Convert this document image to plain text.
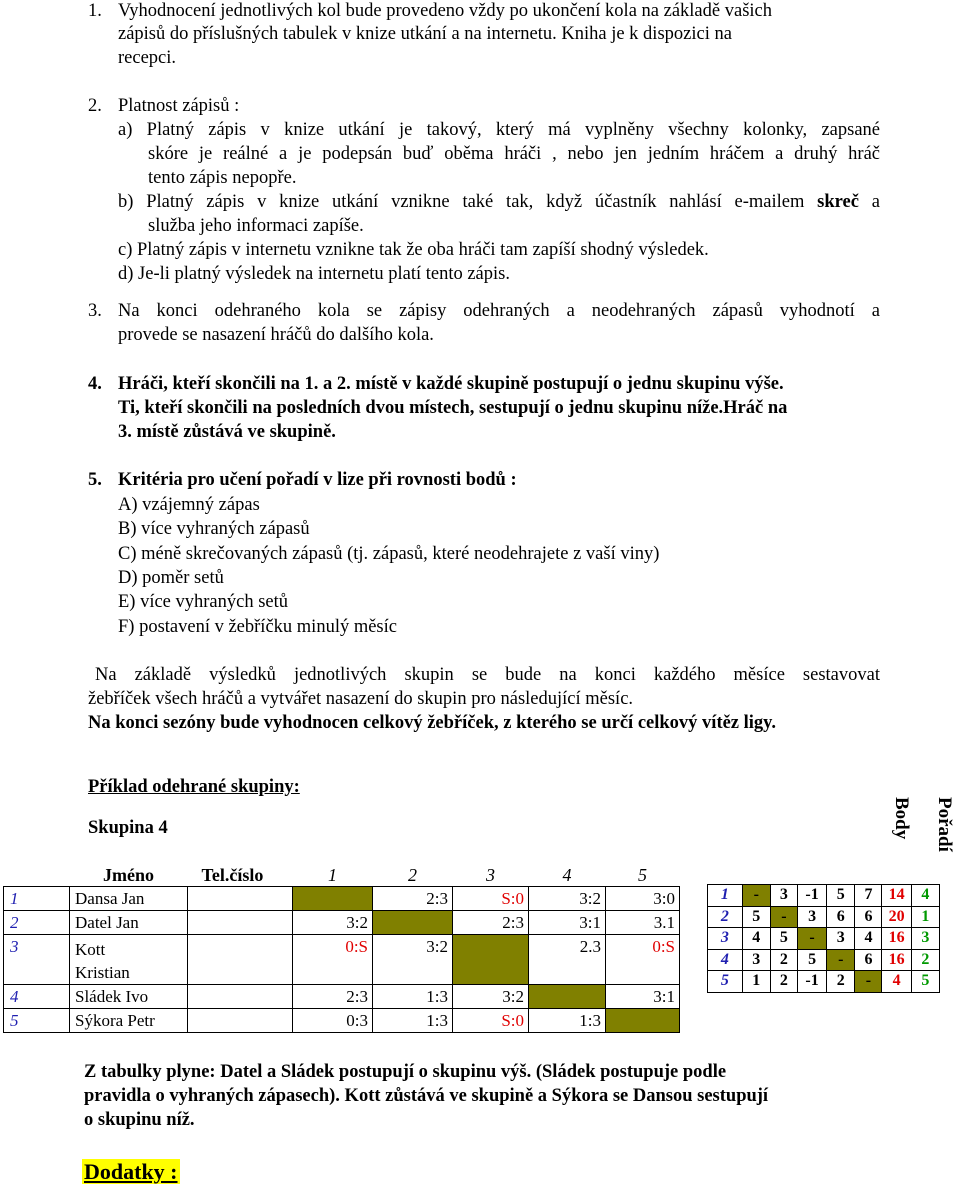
1. Vyhodnocení jednotlivých kol bude provedeno vždy po ukončení kola na základě vašich
zápisů do příslušných tabulek v knize utkání a na internetu. Kniha je k dispozici na
recepci.
2. Platnost zápisů :
a) Platný zápis v knize utkání je takový, který má vyplněny všechny kolonky, zapsané
skóre je reálné a je podepsán buď oběma hráči , nebo jen jedním hráčem a druhý hráč
tento zápis nepopře.
b) Platný zápis v knize utkání vznikne také tak, když účastník nahlásí e-mailem skreč a
služba jeho informaci zapíše.
c) Platný zápis v internetu vznikne tak že oba hráči tam zapíší shodný výsledek.
d) Je-li platný výsledek na internetu platí tento zápis.
3. Na konci odehraného kola se zápisy odehraných a neodehraných zápasů vyhodnotí a
provede se nasazení hráčů do dalšího kola.
4. Hráči, kteří skončili na 1. a 2. místě v každé skupině postupují o jednu skupinu výše.
Ti, kteří skončili na posledních dvou místech, sestupují o jednu skupinu níže.Hráč na
3. místě zůstává ve skupině.
5. Kritéria pro učení pořadí v lize při rovnosti bodů :
A) vzájemný zápas
B) více vyhraných zápasů
C) méně skrečovaných zápasů (tj. zápasů, které neodehrajete z vaší viny)
D) poměr setů
E) více vyhraných setů
F) postavení v žebříčku minulý měsíc
Na základě výsledků jednotlivých skupin se bude na konci každého měsíce sestavovat
žebříček všech hráčů a vytvářet nasazení do skupin pro následující měsíc.
Na konci sezóny bude vyhodnocen celkový žebříček, z kterého se určí celkový vítěz ligy.
Příklad odehrané skupiny:
Skupina 4	Body Pořadí
	Jméno	Tel.číslo	1	2	3	4	5
1	Dansa Jan			2:3	S:0	3:2	3:0
2	Datel Jan		3:2		2:3	3:1	3.1
3	Kott
Kristian		0:S	3:2		2.3	0:S
4	Sládek Ivo		2:3	1:3	3:2		3:1
5	Sýkora Petr		0:3	1:3	S:0	1:3	
1	-	3	-1	5	7	14	4
2	5	-	3	6	6	20	1
3	4	5	-	3	4	16	3
4	3	2	5	-	6	16	2
5	1	2	-1	2	-	4	5

Z tabulky plyne: Datel a Sládek postupují o skupinu výš. (Sládek postupuje podle
pravidla o vyhraných zápasech). Kott zůstává ve skupině a Sýkora se Dansou sestupují
o skupinu níž.
Dodatky :
